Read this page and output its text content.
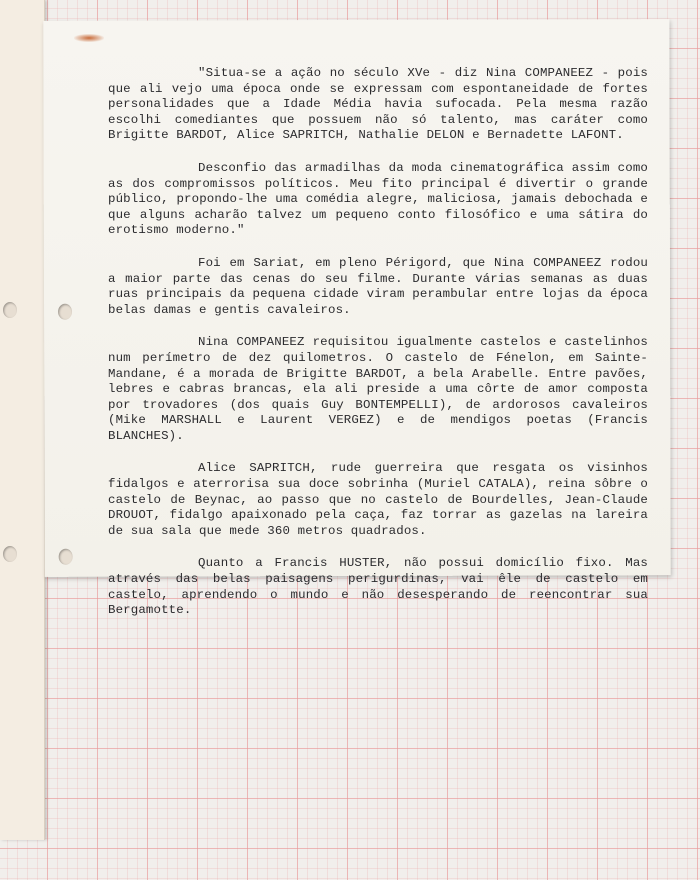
"Situa-se a ação no século XVe - diz Nina COMPANEEZ - pois que ali vejo uma época onde se expressam com espontaneidade de fortes personalidades que a Idade Média havia sufocada. Pela mesma razão escolhi comediantes que possuem não só talento, mas caráter como Brigitte BARDOT, Alice SAPRITCH, Nathalie DELON e Bernadette LAFONT.

Desconfio das armadilhas da moda cinematográfica assim como as dos compromissos políticos. Meu fito principal é divertir o grande público, propondo-lhe uma comédia alegre, maliciosa, jamais debochada e que alguns acharão talvez um pequeno conto filosófico e uma sátira do erotismo moderno."

Foi em Sariat, em pleno Périgord, que Nina COMPANEEZ rodou a maior parte das cenas do seu filme. Durante várias semanas as duas ruas principais da pequena cidade viram perambular entre lojas da época belas damas e gentis cavaleiros.

Nina COMPANEEZ requisitou igualmente castelos e castelinhos num perímetro de dez quilometros. O castelo de Fénelon, em Sainte-Mandane, é a morada de Brigitte BARDOT, a bela Arabelle. Entre pavões, lebres e cabras brancas, ela ali preside a uma côrte de amor composta por trovadores (dos quais Guy BONTEMPELLI), de ardorosos cavaleiros (Mike MARSHALL e Laurent VERGEZ) e de mendigos poetas (Francis BLANCHES).

Alice SAPRITCH, rude guerreira que resgata os visinhos fidalgos e aterrorisa sua doce sobrinha (Muriel CATALA), reina sôbre o castelo de Beynac, ao passo que no castelo de Bourdelles, Jean-Claude DROUOT, fidalgo apaixonado pela caça, faz torrar as gazelas na lareira de sua sala que mede 360 metros quadrados.

Quanto a Francis HUSTER, não possui domicílio fixo. Mas através das belas paisagens perigurdinas, vai êle de castelo em castelo, aprendendo o mundo e não desesperando de reencontrar sua Bergamotte.
